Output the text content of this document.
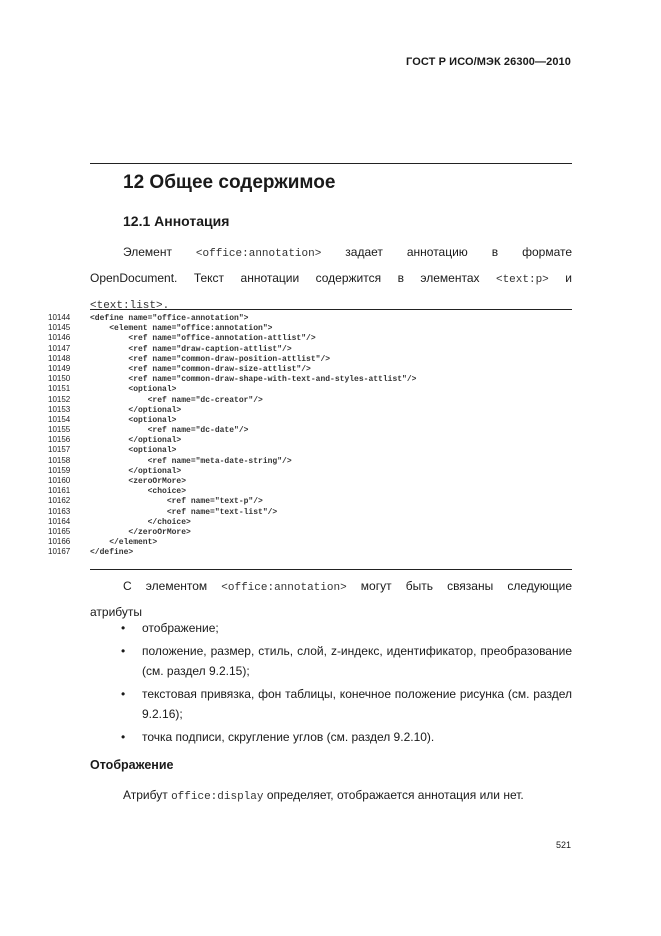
ГОСТ Р ИСО/МЭК 26300—2010
12 Общее содержимое
12.1 Аннотация
Элемент <office:annotation> задает аннотацию в формате
OpenDocument. Текст аннотации содержится в элементах <text:p> и
<text:list>.
10144 <define name="office-annotation">
10145    <element name="office:annotation">
10146        <ref name="office-annotation-attlist"/>
10147        <ref name="draw-caption-attlist"/>
10148        <ref name="common-draw-position-attlist"/>
10149        <ref name="common-draw-size-attlist"/>
10150        <ref name="common-draw-shape-with-text-and-styles-attlist"/>
10151        <optional>
10152            <ref name="dc-creator"/>
10153        </optional>
10154        <optional>
10155            <ref name="dc-date"/>
10156        </optional>
10157        <optional>
10158            <ref name="meta-date-string"/>
10159        </optional>
10160        <zeroOrMore>
10161            <choice>
10162                <ref name="text-p"/>
10163                <ref name="text-list"/>
10164            </choice>
10165        </zeroOrMore>
10166    </element>
10167 </define>
С элементом <office:annotation> могут быть связаны следующие
атрибуты
• отображение;
• положение, размер, стиль, слой, z-индекс, идентификатор, преобразование (см. раздел 9.2.15);
• текстовая привязка, фон таблицы, конечное положение рисунка (см. раздел 9.2.16);
• точка подписи, скругление углов (см. раздел 9.2.10).
Отображение
Атрибут office:display определяет, отображается аннотация или нет.
521
